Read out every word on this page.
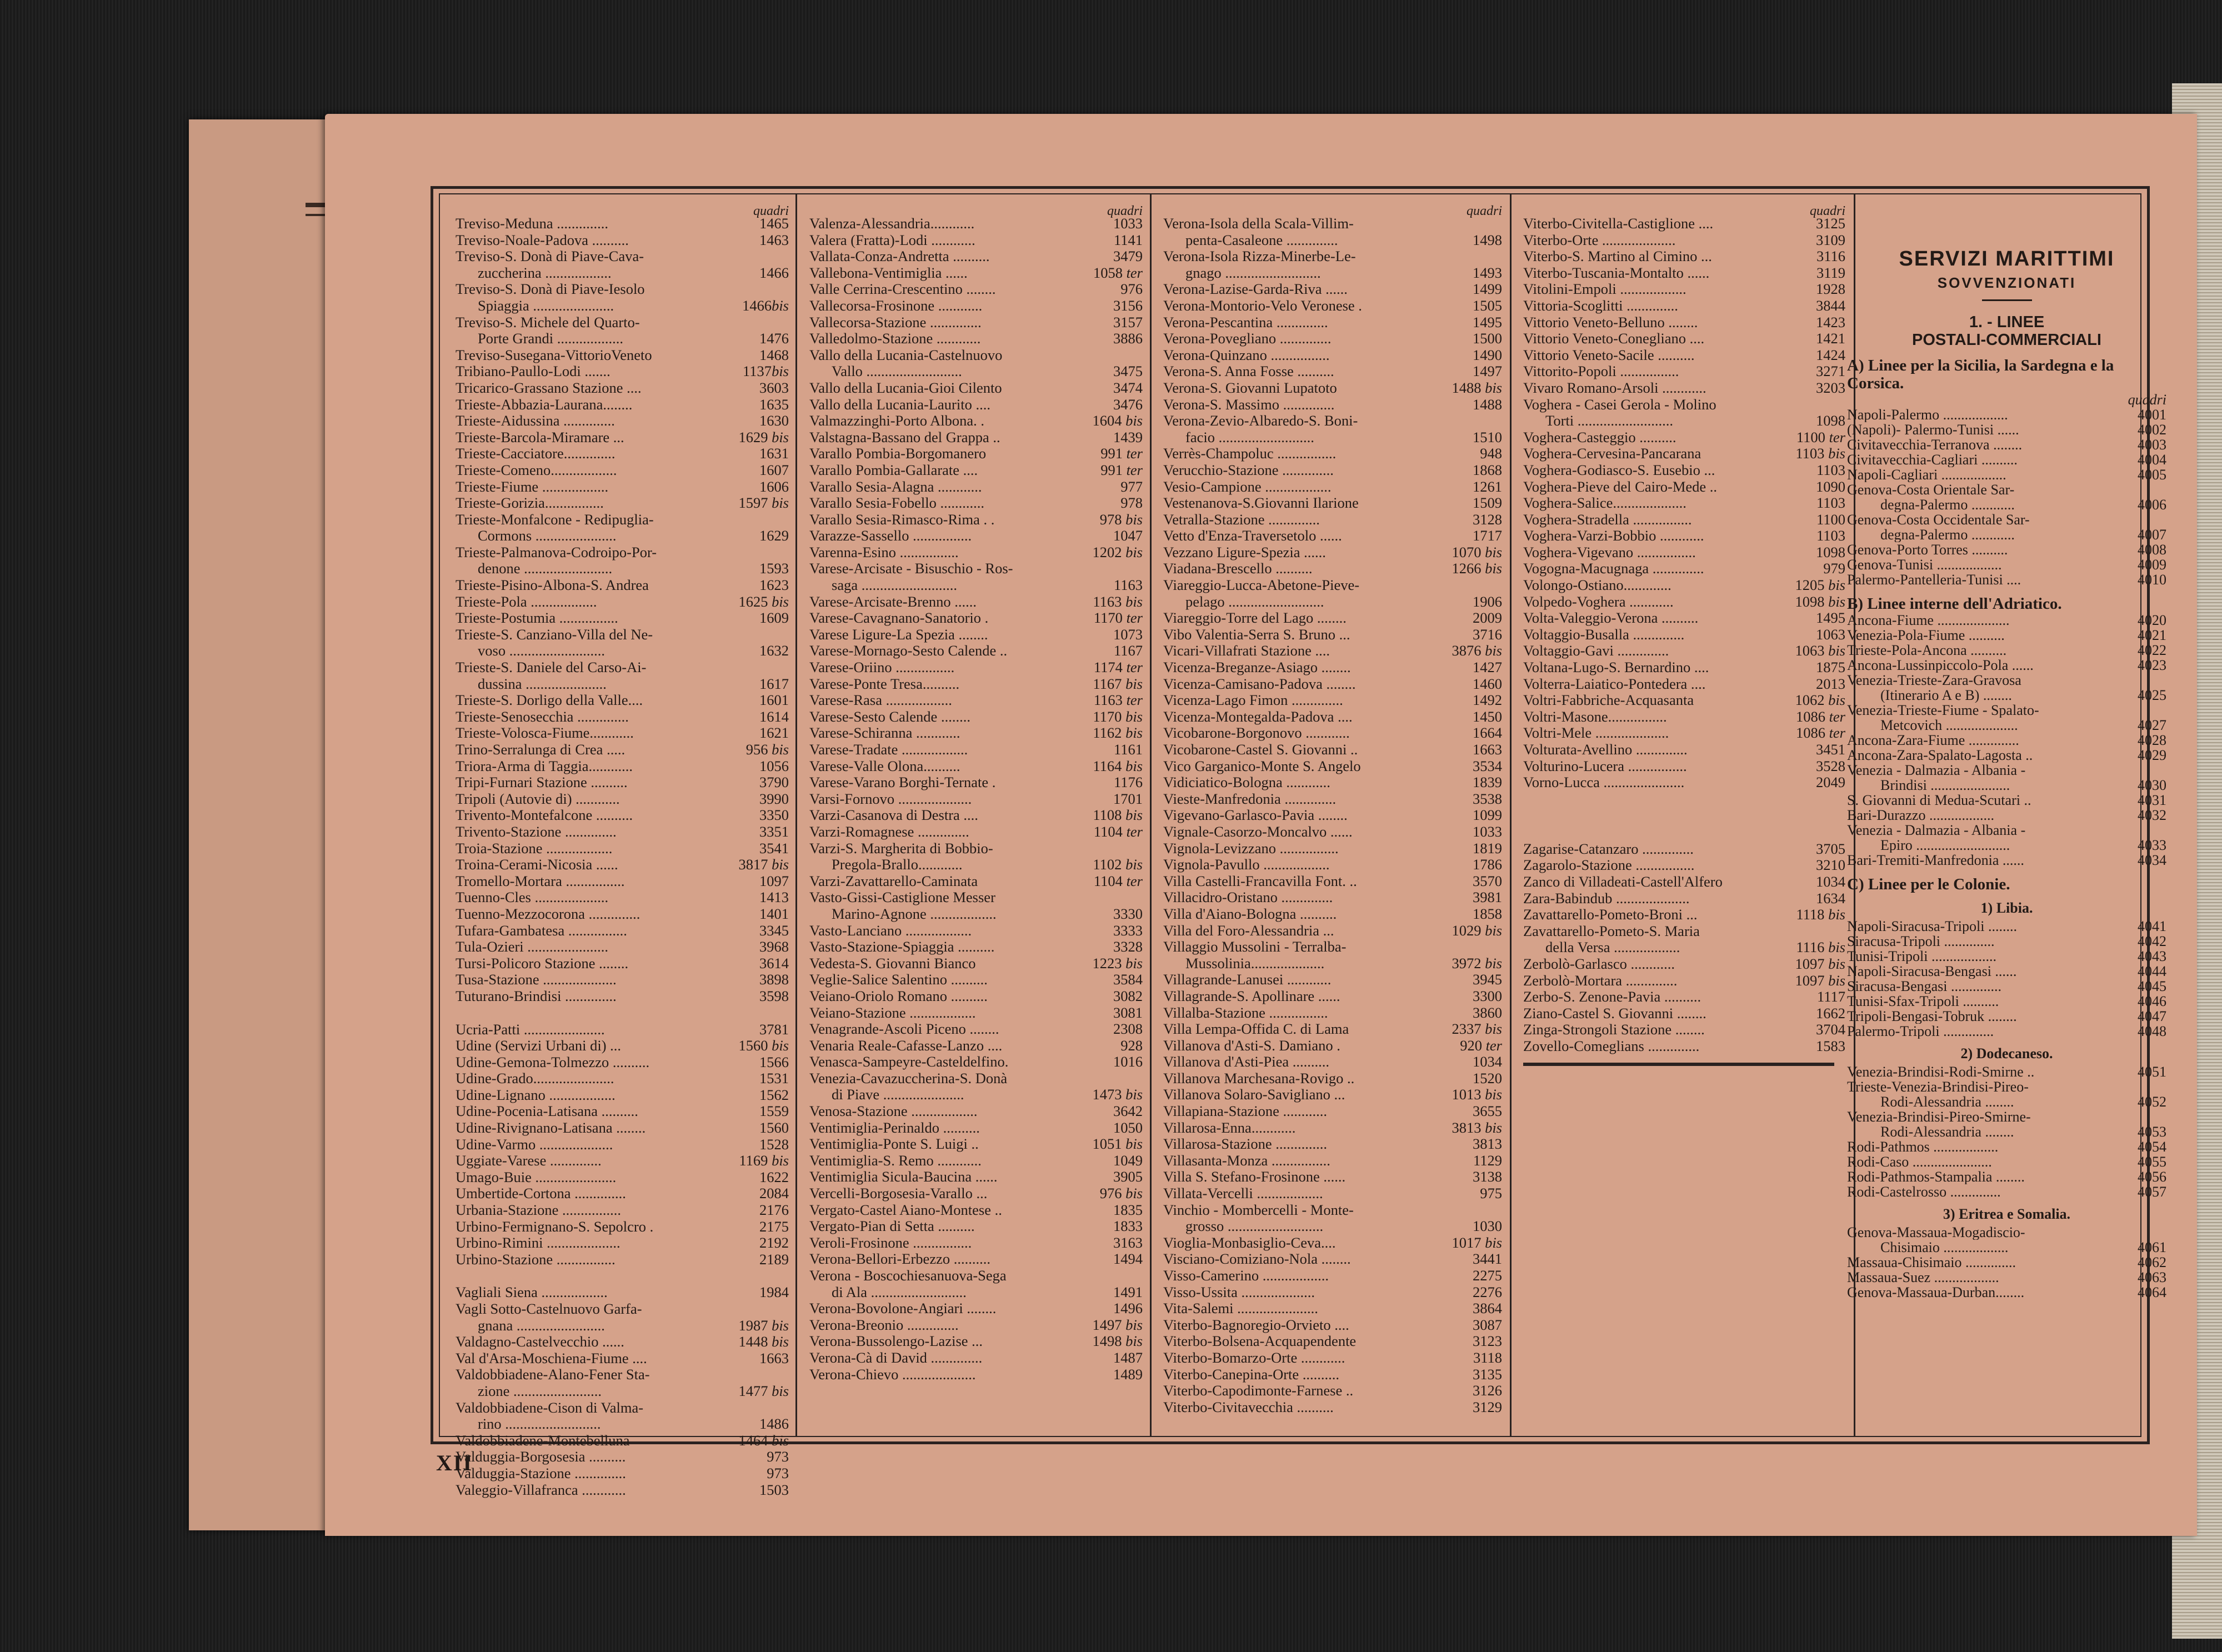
quadri
1465
Treviso-Meduna ..............
1463
Treviso-Noale-Padova ..........
Treviso-S. Donà di Piave-Cava-
1466
zuccherina ..................
Treviso-S. Donà di Piave-Iesolo
1466bis
Spiaggia ......................
Treviso-S. Michele del Quarto-
1476
Porte Grandi ..................
1468
Treviso-Susegana-VittorioVeneto
1137bis
Tribiano-Paullo-Lodi .......
3603
Tricarico-Grassano Stazione ....
1635
Trieste-Abbazia-Laurana........
1630
Trieste-Aidussina ..............
1629 bis
Trieste-Barcola-Miramare ...
1631
Trieste-Cacciatore..............
1607
Trieste-Comeno..................
1606
Trieste-Fiume ..................
1597 bis
Trieste-Gorizia................
Trieste-Monfalcone - Redipuglia-
1629
Cormons ......................
Trieste-Palmanova-Codroipo-Por-
1593
denone ........................
1623
Trieste-Pisino-Albona-S. Andrea
1625 bis
Trieste-Pola ..................
1609
Trieste-Postumia ................
Trieste-S. Canziano-Villa del Ne-
1632
voso ..........................
Trieste-S. Daniele del Carso-Ai-
1617
dussina ......................
1601
Trieste-S. Dorligo della Valle....
1614
Trieste-Senosecchia ..............
1621
Trieste-Volosca-Fiume............
956 bis
Trino-Serralunga di Crea .....
1056
Triora-Arma di Taggia............
3790
Tripi-Furnari Stazione ..........
3990
Tripoli (Autovie di) ............
3350
Trivento-Montefalcone ..........
3351
Trivento-Stazione ..............
3541
Troia-Stazione ..................
3817 bis
Troina-Cerami-Nicosia ......
1097
Tromello-Mortara ................
1413
Tuenno-Cles ....................
1401
Tuenno-Mezzocorona ..............
3345
Tufara-Gambatesa ................
3968
Tula-Ozieri ......................
3614
Tursi-Policoro Stazione ........
3898
Tusa-Stazione ....................
3598
Tuturano-Brindisi ..............
3781
Ucria-Patti ......................
1560 bis
Udine (Servizi Urbani di) ...
1566
Udine-Gemona-Tolmezzo ..........
1531
Udine-Grado......................
1562
Udine-Lignano ..................
1559
Udine-Pocenia-Latisana ..........
1560
Udine-Rivignano-Latisana ........
1528
Udine-Varmo ....................
1169 bis
Uggiate-Varese ..............
1622
Umago-Buie ......................
2084
Umbertide-Cortona ..............
2176
Urbania-Stazione ................
2175
Urbino-Fermignano-S. Sepolcro .
2192
Urbino-Rimini ....................
2189
Urbino-Stazione ................
1984
Vagliali Siena ..................
Vagli Sotto-Castelnuovo Garfa-
1987 bis
gnana ........................
1448 bis
Valdagno-Castelvecchio ......
1663
Val d'Arsa-Moschiena-Fiume ....
Valdobbiadene-Alano-Fener Sta-
1477 bis
zione ........................
Valdobbiadene-Cison di Valma-
1486
rino ..........................
1464 bis
Valdobbiadene-Montebelluna
973
Valduggia-Borgosesia ..........
973
Valduggia-Stazione ..............
1503
Valeggio-Villafranca ............
quadri
1033
Valenza-Alessandria............
1141
Valera (Fratta)-Lodi ............
3479
Vallata-Conza-Andretta ..........
1058 ter
Vallebona-Ventimiglia ......
976
Valle Cerrina-Crescentino ........
3156
Vallecorsa-Frosinone ............
3157
Vallecorsa-Stazione ..............
3886
Valledolmo-Stazione ............
Vallo della Lucania-Castelnuovo
3475
Vallo ..........................
3474
Vallo della Lucania-Gioi Cilento
3476
Vallo della Lucania-Laurito ....
1604 bis
Valmazzinghi-Porto Albona. .
1439
Valstagna-Bassano del Grappa ..
991 ter
Varallo Pombia-Borgomanero
991 ter
Varallo Pombia-Gallarate ....
977
Varallo Sesia-Alagna ............
978
Varallo Sesia-Fobello ............
978 bis
Varallo Sesia-Rimasco-Rima . .
1047
Varazze-Sassello ................
1202 bis
Varenna-Esino ................
Varese-Arcisate - Bisuschio - Ros-
1163
saga ..........................
1163 bis
Varese-Arcisate-Brenno ......
1170 ter
Varese-Cavagnano-Sanatorio .
1073
Varese Ligure-La Spezia ........
1167
Varese-Mornago-Sesto Calende ..
1174 ter
Varese-Oriino ................
1167 bis
Varese-Ponte Tresa..........
1163 ter
Varese-Rasa ..................
1170 bis
Varese-Sesto Calende ........
1162 bis
Varese-Schiranna ............
1161
Varese-Tradate ..................
1164 bis
Varese-Valle Olona..........
1176
Varese-Varano Borghi-Ternate .
1701
Varsi-Fornovo ....................
1108 bis
Varzi-Casanova di Destra ....
1104 ter
Varzi-Romagnese ..............
Varzi-S. Margherita di Bobbio-
1102 bis
Pregola-Brallo............
1104 ter
Varzi-Zavattarello-Caminata
Vasto-Gissi-Castiglione Messer
3330
Marino-Agnone ..................
3333
Vasto-Lanciano ..................
3328
Vasto-Stazione-Spiaggia ..........
1223 bis
Vedesta-S. Giovanni Bianco
3584
Veglie-Salice Salentino ..........
3082
Veiano-Oriolo Romano ..........
3081
Veiano-Stazione ..................
2308
Venagrande-Ascoli Piceno ........
928
Venaria Reale-Cafasse-Lanzo ....
1016
Venasca-Sampeyre-Casteldelfino.
Venezia-Cavazuccherina-S. Donà
1473 bis
di Piave ......................
3642
Venosa-Stazione ..................
1050
Ventimiglia-Perinaldo ..........
1051 bis
Ventimiglia-Ponte S. Luigi ..
1049
Ventimiglia-S. Remo ............
3905
Ventimiglia Sicula-Baucina ......
976 bis
Vercelli-Borgosesia-Varallo ...
1835
Vergato-Castel Aiano-Montese ..
1833
Vergato-Pian di Setta ..........
3163
Veroli-Frosinone ................
1494
Verona-Bellori-Erbezzo ..........
Verona - Boscochiesanuova-Sega
1491
di Ala ..........................
1496
Verona-Bovolone-Angiari ........
1497 bis
Verona-Breonio ..............
1498 bis
Verona-Bussolengo-Lazise ...
1487
Verona-Cà di David ..............
1489
Verona-Chievo ....................
quadri
Verona-Isola della Scala-Villim-
1498
penta-Casaleone ..............
Verona-Isola Rizza-Minerbe-Le-
1493
gnago ..........................
1499
Verona-Lazise-Garda-Riva ......
1505
Verona-Montorio-Velo Veronese .
1495
Verona-Pescantina ..............
1500
Verona-Povegliano ..............
1490
Verona-Quinzano ................
1497
Verona-S. Anna Fosse ..........
1488 bis
Verona-S. Giovanni Lupatoto
1488
Verona-S. Massimo ..............
Verona-Zevio-Albaredo-S. Boni-
1510
facio ..........................
948
Verrès-Champoluc ................
1868
Verucchio-Stazione ..............
1261
Vesio-Campione ..................
1509
Vestenanova-S.Giovanni Ilarione
3128
Vetralla-Stazione ..............
1717
Vetto d'Enza-Traversetolo ......
1070 bis
Vezzano Ligure-Spezia ......
1266 bis
Viadana-Brescello ..........
Viareggio-Lucca-Abetone-Pieve-
1906
pelago ..........................
2009
Viareggio-Torre del Lago ........
3716
Vibo Valentia-Serra S. Bruno ...
3876 bis
Vicari-Villafrati Stazione ....
1427
Vicenza-Breganze-Asiago ........
1460
Vicenza-Camisano-Padova ........
1492
Vicenza-Lago Fimon ..............
1450
Vicenza-Montegalda-Padova ....
1664
Vicobarone-Borgonovo ............
1663
Vicobarone-Castel S. Giovanni ..
3534
Vico Garganico-Monte S. Angelo
1839
Vidiciatico-Bologna ............
3538
Vieste-Manfredonia ..............
1099
Vigevano-Garlasco-Pavia ........
1033
Vignale-Casorzo-Moncalvo ......
1819
Vignola-Levizzano ................
1786
Vignola-Pavullo ..................
3570
Villa Castelli-Francavilla Font. ..
3981
Villacidro-Oristano ..............
1858
Villa d'Aiano-Bologna ..........
1029 bis
Villa del Foro-Alessandria ...
Villaggio Mussolini - Terralba-
3972 bis
Mussolinia....................
3945
Villagrande-Lanusei ............
3300
Villagrande-S. Apollinare ......
3860
Villalba-Stazione ................
2337 bis
Villa Lempa-Offida C. di Lama
920 ter
Villanova d'Asti-S. Damiano .
1034
Villanova d'Asti-Pieа ..........
1520
Villanova Marchesana-Rovigo ..
1013 bis
Villanova Solaro-Savigliano ...
3655
Villapiana-Stazione ............
3813 bis
Villarosa-Enna............
3813
Villarosa-Stazione ..............
1129
Villasanta-Monza ................
3138
Villa S. Stefano-Frosinone ......
975
Villata-Vercelli ..................
Vinchio - Mombercelli - Monte-
1030
grosso ..........................
1017 bis
Vioglia-Monbasiglio-Ceva....
3441
Visciano-Comiziano-Nola ........
2275
Visso-Camerino ..................
2276
Visso-Ussita ....................
3864
Vita-Salemi ......................
3087
Viterbo-Bagnoregio-Orvieto ....
3123
Viterbo-Bolsena-Acquapendente
3118
Viterbo-Bomarzo-Orte ............
3135
Viterbo-Canepina-Orte ..........
3126
Viterbo-Capodimonte-Farnese ..
3129
Viterbo-Civitavecchia ..........
quadri
3125
Viterbo-Civitella-Castiglione ....
3109
Viterbo-Orte ....................
3116
Viterbo-S. Martino al Cimino ...
3119
Viterbo-Tuscania-Montalto ......
1928
Vitolini-Empoli ..................
3844
Vittoria-Scoglitti ..............
1423
Vittorio Veneto-Belluno ........
1421
Vittorio Veneto-Conegliano ....
1424
Vittorio Veneto-Sacile ..........
3271
Vittorito-Popoli ................
3203
Vivaro Romano-Arsoli ............
Voghera - Casei Gerola - Molino
1098
Torti ..........................
1100 ter
Voghera-Casteggio ..........
1103 bis
Voghera-Cervesina-Pancarana
1103
Voghera-Godiasco-S. Eusebio ...
1090
Voghera-Pieve del Cairo-Mede ..
1103
Voghera-Salice....................
1100
Voghera-Stradella ................
1103
Voghera-Varzi-Bobbio ............
1098
Voghera-Vigevano ................
979
Vogogna-Macugnaga ..............
1205 bis
Volongo-Ostiano.............
1098 bis
Volpedo-Voghera ............
1495
Volta-Valeggio-Verona ..........
1063
Voltaggio-Busalla ..............
1063 bis
Voltaggio-Gavi ..............
1875
Voltana-Lugo-S. Bernardino ....
2013
Volterra-Laiatico-Pontedera ....
1062 bis
Voltri-Fabbriche-Acquasanta
1086 ter
Voltri-Masone................
1086 ter
Voltri-Mele ....................
3451
Volturata-Avellino ..............
3528
Volturino-Lucera ................
2049
Vorno-Lucca ......................
3705
Zagarise-Catanzaro ..............
3210
Zagarolo-Stazione ................
1034
Zanco di Villadeati-Castell'Alfero
1634
Zara-Babindub ....................
1118 bis
Zavattarello-Pometo-Broni ...
Zavattarello-Pometo-S. Maria
1116 bis
della Versa ..................
1097 bis
Zerbolò-Garlasco ............
1097 bis
Zerbolò-Mortara ..............
1117
Zerbo-S. Zenone-Pavia ..........
1662
Ziano-Castel S. Giovanni ........
3704
Zinga-Strongoli Stazione ........
1583
Zovello-Comeglians ..............
SERVIZI MARITTIMI
SOVVENZIONATI
1. - LINEE
POSTALI-COMMERCIALI
A) Linee per la Sicilia, la Sardegna e la Corsica.
quadri
4001
Napoli-Palermo ..................
4002
(Napoli)- Palermo-Tunisi ......
4003
Civitavecchia-Terranova ........
4004
Civitavecchia-Cagliari ..........
4005
Napoli-Cagliari ..................
Genova-Costa Orientale Sar-
4006
degna-Palermo ............
Genova-Costa Occidentale Sar-
4007
degna-Palermo ............
4008
Genova-Porto Torres ..........
4009
Genova-Tunisi ..................
4010
Palermo-Pantelleria-Tunisi ....
B) Linee interne dell'Adriatico.
4020
Ancona-Fiume ....................
4021
Venezia-Pola-Fiume ..........
4022
Trieste-Pola-Ancona ..........
4023
Ancona-Lussinpiccolo-Pola ......
Venezia-Trieste-Zara-Gravosa
4025
(Itinerario A e B) ........
Venezia-Trieste-Fiume - Spalato-
4027
Metcovich ....................
4028
Ancona-Zara-Fiume ..............
4029
Ancona-Zara-Spalato-Lagosta ..
Venezia - Dalmazia - Albania -
4030
Brindisi ......................
4031
S. Giovanni di Medua-Scutari ..
4032
Bari-Durazzo ..................
Venezia - Dalmazia - Albania -
4033
Epiro ..........................
4034
Bari-Tremiti-Manfredonia ......
C) Linee per le Colonie.
1) Libia.
4041
Napoli-Siracusa-Tripoli ........
4042
Siracusa-Tripoli ..............
4043
Tunisi-Tripoli ..................
4044
Napoli-Siracusa-Bengasi ......
4045
Siracusa-Bengasi ..............
4046
Tunisi-Sfax-Tripoli ..........
4047
Tripoli-Bengasi-Tobruk ........
4048
Palermo-Tripoli ..............
2) Dodecaneso.
4051
Venezia-Brindisi-Rodi-Smirne ..
Trieste-Venezia-Brindisi-Pireo-
4052
Rodi-Alessandria ........
Venezia-Brindisi-Pireo-Smirne-
4053
Rodi-Alessandria ........
4054
Rodi-Pathmos ..................
4055
Rodi-Caso ......................
4056
Rodi-Pathmos-Stampalia ........
4057
Rodi-Castelrosso ..............
3) Eritrea e Somalia.
Genova-Massaua-Mogadiscio-
4061
Chisimaio ..................
4062
Massaua-Chisimaio ..............
4063
Massaua-Suez ..................
4064
Genova-Massaua-Durban........
XII
